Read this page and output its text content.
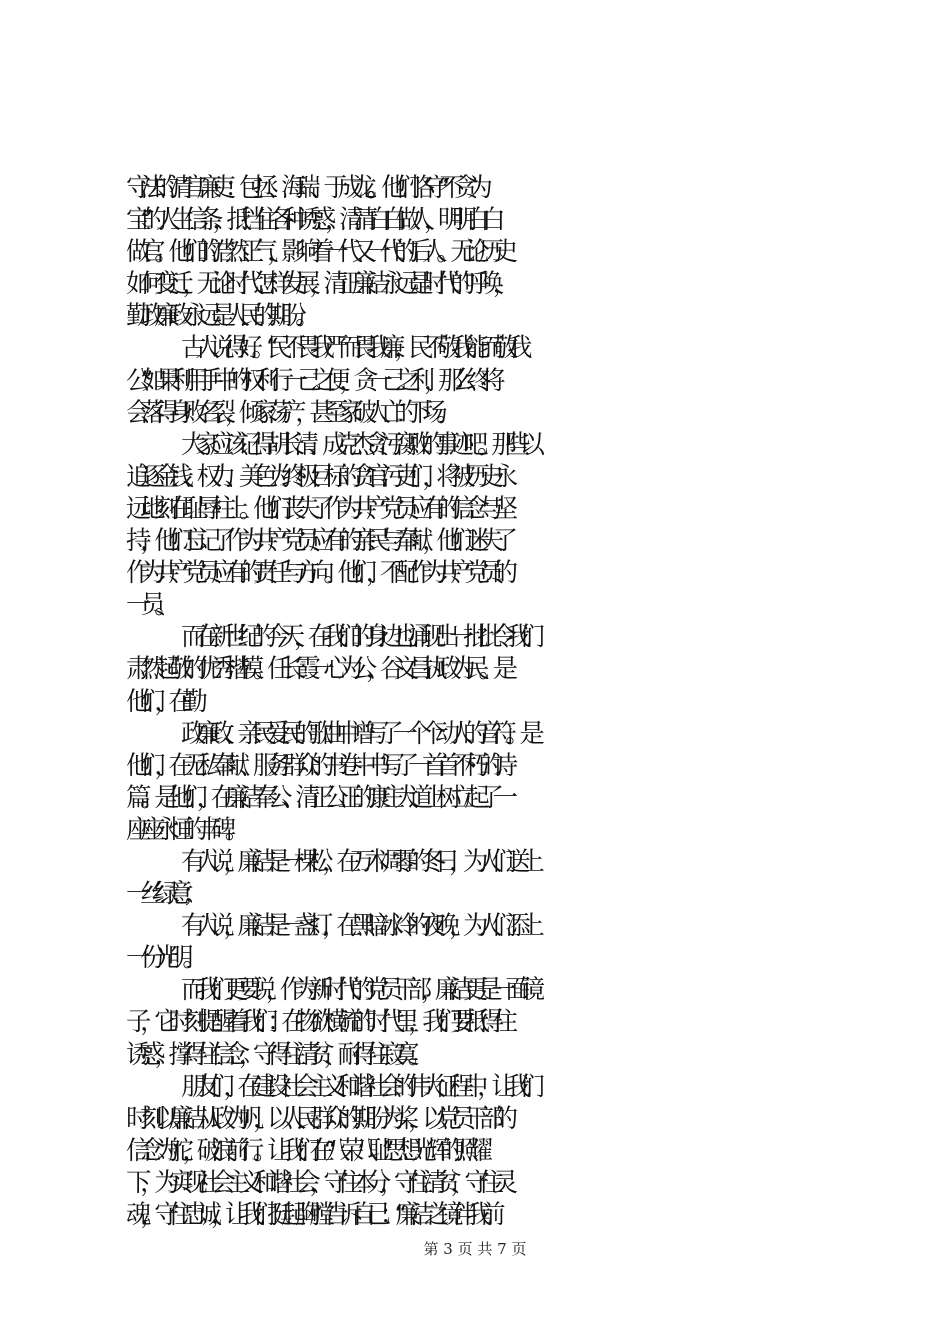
守法的清官廉吏：包拯、海瑞、于成龙。。他们恪守“不贪为
宝”的人生信条，抵挡住各种诱惑，清清白白做人，明明白白
做官。他们的浩然正气，影响着一代又一代的后人。无论历史
如何变迁，无论时代怎样发展，清正廉洁永远是时代的呼唤，
勤政廉政永远是人民的期盼。
古人说得好。“民不畏我严而畏我廉，民不敬我能而敬我
公”如果利用手中的权利行一己之便，贪一己之利，那么终将
会落得身败名裂，倾家荡产，甚至家破人亡的下场。
大家应该记得胡长清、成克杰贪污腐败的事迹吧。那些以
追逐金钱、权力、美色为终极目标的贪官污吏们，将被历史永
远地刻在耻辱柱上。他们丧失了作为共产党员应有的信念与坚
持，他们忘记了作为共产党员应有的亲民与奉献，他们迷失了
作为共产党员应有的责任与方向。他们，不配作为共产党员的
一员。
而在新世纪的今天，在我们的身边也涌现出一批批令我们
肃然起敬的优秀楷模。任长霞一心为公，谷文昌执政为民。是
他们，在勤
政廉政、亲民爱民的歌曲中谱写了一个个动人的音符。是
他们，在无私奉献、服务群众的书卷中书写了一首首不朽的诗
篇。是他们，在廉洁奉公、清正公正的康庄大道上树立起了一
座座永恒的丰碑。
有人说，廉洁是一棵松，在万木凋零的冬日，为人们送上
一丝绿意；
有人说，廉洁是一盏灯，在黑暗冰冷的夜晚，为人们添上
一份光明。
而我们更要说，作为新时代的党员干部，廉洁更是一面镜
子，它时刻提醒着我们：在物欲横流的时代里，我们要抵得住
诱惑，撑得住信念，守得住清贫，耐得住寂寞。
朋友们，在建设社会主义和谐社会的伟大征程中，让我们
时刻以廉洁从政为帆，以人民群众的期盼为桨，以党员干部的
信念为舵，破浪前行。让我们在“八荣八耻”思想光辉的照耀
下，为实现社会主义和谐社会，守住本分，守住清贫，守住灵
魂，守住忠诚，让我们挺起胸膛告诉自己：“廉洁之镜伴我前
第 3 页 共 7 页
